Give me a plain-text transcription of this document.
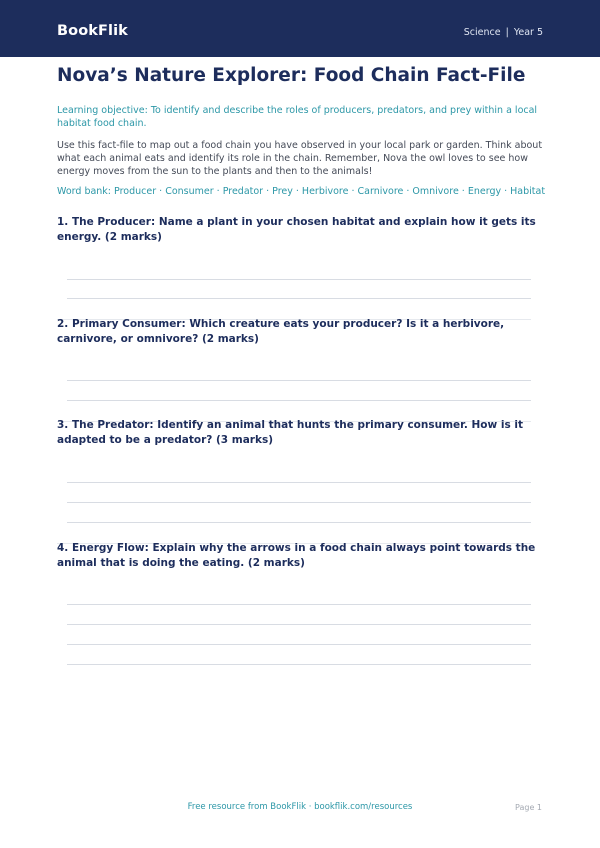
BookFlik	Science | Year 5
Nova’s Nature Explorer: Food Chain Fact-File

Learning objective: To identify and describe the roles of producers, predators, and prey within a local habitat food chain.

Use this fact-file to map out a food chain you have observed in your local park or garden. Think about what each animal eats and identify its role in the chain. Remember, Nova the owl loves to see how energy moves from the sun to the plants and then to the animals!

Word bank: Producer · Consumer · Predator · Prey · Herbivore · Carnivore · Omnivore · Energy · Habitat

1. The Producer: Name a plant in your chosen habitat and explain how it gets its energy. (2 marks)

2. Primary Consumer: Which creature eats your producer? Is it a herbivore, carnivore, or omnivore? (2 marks)

3. The Predator: Identify an animal that hunts the primary consumer. How is it adapted to be a predator? (3 marks)

4. Energy Flow: Explain why the arrows in a food chain always point towards the animal that is doing the eating. (2 marks)

Free resource from BookFlik · bookflik.com/resources	Page 1
